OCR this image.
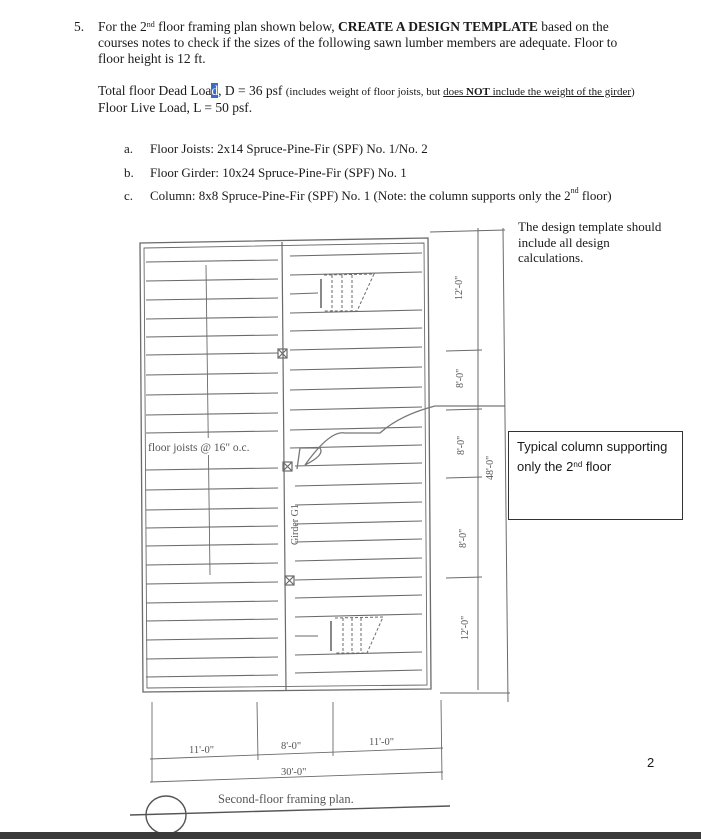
5. For the 2nd floor framing plan shown below, CREATE A DESIGN TEMPLATE based on the
courses notes to check if the sizes of the following sawn lumber members are adequate. Floor to
floor height is 12 ft.
Total floor Dead Load, D = 36 psf (includes weight of floor joists, but does NOT include the weight of the girder)
Floor Live Load, L = 50 psf.
a. Floor Joists: 2x14 Spruce-Pine-Fir (SPF) No. 1/No. 2
b. Floor Girder: 10x24 Spruce-Pine-Fir (SPF) No. 1
c. Column: 8x8 Spruce-Pine-Fir (SPF) No. 1 (Note: the column supports only the 2nd floor)
The design template should include all design calculations.
floor joists @ 16" o.c.
Girder G1
12'-0"
8'-0"
8'-0"
8'-0"
12'-0"
48'-0"
11'-0"	8'-0"	11'-0"
30'-0"
Second-floor framing plan.
Typical column supporting only the 2nd floor
2
